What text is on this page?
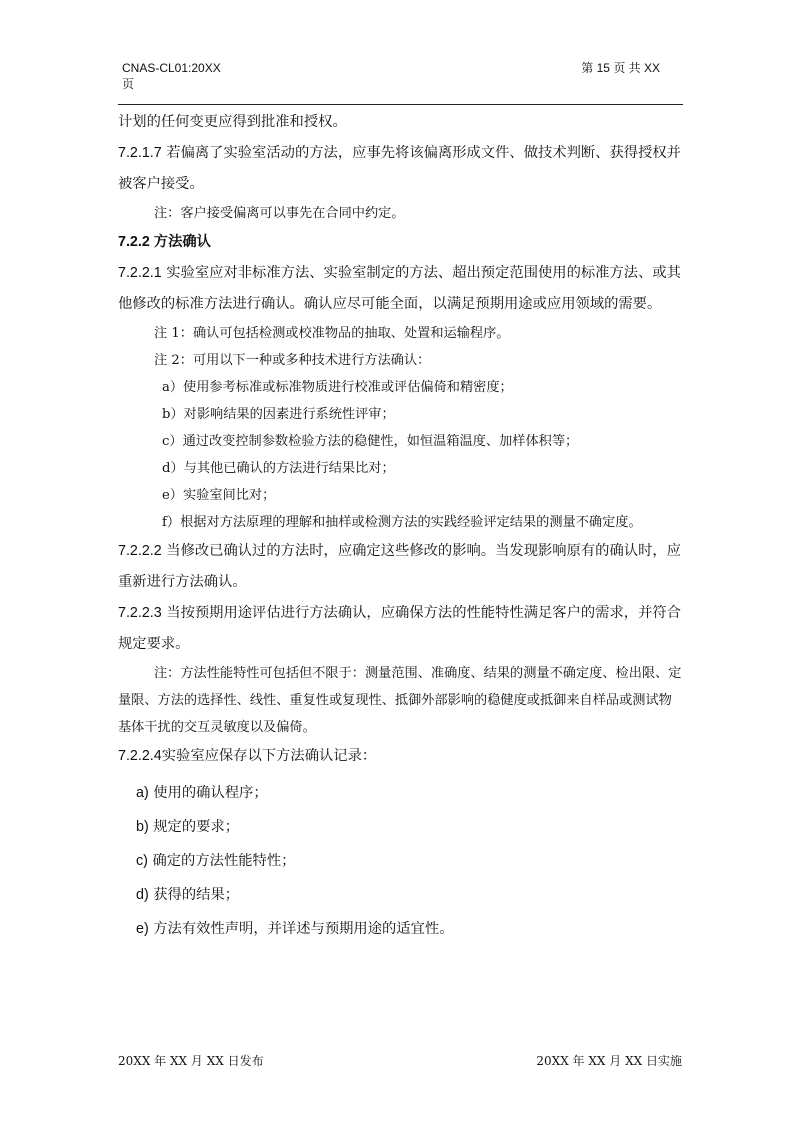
CNAS-CL01:20XX
页
第 15 页 共 XX

计划的任何变更应得到批准和授权。

7.2.1.7 若偏离了实验室活动的方法，应事先将该偏离形成文件、做技术判断、获得授权并被客户接受。

注：客户接受偏离可以事先在合同中约定。

7.2.2 方法确认

7.2.2.1 实验室应对非标准方法、实验室制定的方法、超出预定范围使用的标准方法、或其他修改的标准方法进行确认。确认应尽可能全面，以满足预期用途或应用领域的需要。

注 1：确认可包括检测或校准物品的抽取、处置和运输程序。

注 2：可用以下一种或多种技术进行方法确认：

a）使用参考标准或标准物质进行校准或评估偏倚和精密度；

b）对影响结果的因素进行系统性评审；

c）通过改变控制参数检验方法的稳健性，如恒温箱温度、加样体积等；

d）与其他已确认的方法进行结果比对；

e）实验室间比对；

f）根据对方法原理的理解和抽样或检测方法的实践经验评定结果的测量不确定度。

7.2.2.2 当修改已确认过的方法时，应确定这些修改的影响。当发现影响原有的确认时，应重新进行方法确认。

7.2.2.3 当按预期用途评估进行方法确认，应确保方法的性能特性满足客户的需求，并符合规定要求。

注：方法性能特性可包括但不限于：测量范围、准确度、结果的测量不确定度、检出限、定量限、方法的选择性、线性、重复性或复现性、抵御外部影响的稳健度或抵御来自样品或测试物基体干扰的交互灵敏度以及偏倚。

7.2.2.4实验室应保存以下方法确认记录：

a) 使用的确认程序；

b) 规定的要求；

c) 确定的方法性能特性；

d) 获得的结果；

e) 方法有效性声明，并详述与预期用途的适宜性。

20XX 年 XX 月 XX 日发布	20XX 年 XX 月 XX 日实施
